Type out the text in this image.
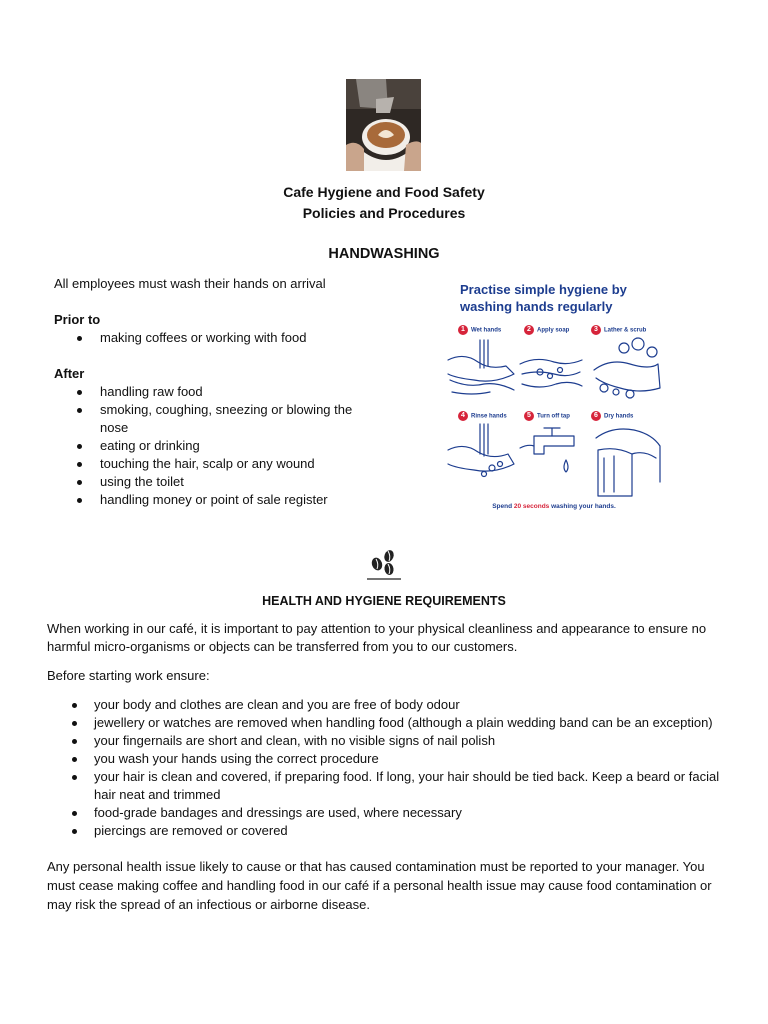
Cafe Hygiene and Food Safety
Policies and Procedures
HANDWASHING

All employees must wash their hands on arrival

Prior to

making coffees or working with food

After

handling raw food
smoking, coughing, sneezing or blowing the nose
eating or drinking
touching the hair, scalp or any wound
using the toilet
handling money or point of sale register
Practise simple hygiene by washing hands regularly
1 Wet hands	2 Apply soap	3 Lather & scrub
4 Rinse hands	5 Turn off tap	6 Dry hands
Spend 20 seconds washing your hands.
HEALTH AND HYGIENE REQUIREMENTS

When working in our café, it is important to pay attention to your physical cleanliness and appearance to ensure no harmful micro-organisms or objects can be transferred from you to our customers.

Before starting work ensure:

your body and clothes are clean and you are free of body odour
jewellery or watches are removed when handling food (although a plain wedding band can be an exception)
your fingernails are short and clean, with no visible signs of nail polish
you wash your hands using the correct procedure
your hair is clean and covered, if preparing food. If long, your hair should be tied back. Keep a beard or facial hair neat and trimmed
food-grade bandages and dressings are used, where necessary
piercings are removed or covered

Any personal health issue likely to cause or that has caused contamination must be reported to your manager. You must cease making coffee and handling food in our café if a personal health issue may cause food contamination or may risk the spread of an infectious or airborne disease.
